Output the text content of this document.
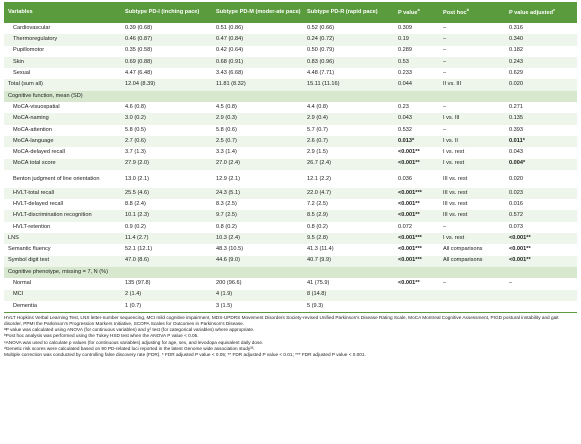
Variables	Subtype PD-I (inching pace)	Subtype PD-M (moder-ate pace)	Subtype PD-R (rapid pace)	P value$^a$	Post hoc$^b$	P value adjusted$^c$
Cardiovascular	0.39 (0.68)	0.51 (0.86)	0.52 (0.66)	0.309	–	0.316
Thermoregulatory	0.46 (0.87)	0.47 (0.84)	0.24 (0.72)	0.19	–	0.340
Pupillomotor	0.35 (0.58)	0.42 (0.64)	0.50 (0.79)	0.289	–	0.182
Skin	0.69 (0.88)	0.68 (0.91)	0.83 (0.96)	0.53	–	0.243
Sexual	4.47 (6.48)	3.43 (6.68)	4.48 (7.71)	0.233	–	0.629
Total (sum all)	12.04 (8.39)	11.81 (8.32)	15.11 (11.16)	0.044	II vs. III	0.020
Cognitive function, mean (SD)						
MoCA-visuospatial	4.6 (0.8)	4.5 (0.8)	4.4 (0.8)	0.23	–	0.271
MoCA-naming	3.0 (0.2)	2.9 (0.3)	2.9 (0.4)	0.043	I vs. III	0.135
MoCA-attention	5.8 (0.5)	5.8 (0.6)	5.7 (0.7)	0.532	–	0.393
MoCA-language	2.7 (0.6)	2.5 (0.7)	2.6 (0.7)	0.013*	I vs. II	0.011*
MoCA-delayed recall	3.7 (1.3)	3.3 (1.4)	2.9 (1.5)	<0.001**	I vs. rest	0.043
MoCA total score	27.9 (2.0)	27.0 (2.4)	26.7 (2.4)	<0.001**	I vs. rest	0.004*
Benton judgment of line orientation	13.0 (2.1)	12.9 (2.1)	12.1 (2.2)	0.036	III vs. rest	0.020
HVLT-total recall	25.5 (4.6)	24.3 (5.1)	22.0 (4.7)	<0.001***	III vs. rest	0.023
HVLT-delayed recall	8.8 (2.4)	8.3 (2.5)	7.2 (2.5)	<0.001**	III vs. rest	0.016
HVLT-discrimination recognition	10.1 (2.3)	9.7 (2.5)	8.5 (2.9)	<0.001**	III vs. rest	0.572
HVLT-retention	0.9 (0.2)	0.8 (0.2)	0.8 (0.2)	0.072	–	0.073
LNS	11.4 (2.7)	10.3 (2.4)	9.5 (2.8)	<0.001***	I vs. rest	<0.001**
Semantic fluency	52.1 (12.1)	48.3 (10.5)	41.3 (11.4)	<0.001***	All comparisons	<0.001**
Symbol digit test	47.0 (8.6)	44.6 (9.0)	40.7 (9.9)	<0.001***	All comparisons	<0.001**
Cognitive phenotype, missing = 7, N (%)						
Normal	135 (97.8)	200 (96.6)	41 (75.9)	<0.001**	–	–
MCI	2 (1.4)	4 (1.9)	8 (14.8)			
Dementia	1 (0.7)	3 (1.5)	5 (9.3)			

HVLT Hopkins Verbal Learning Test, LNS letter-number sequencing, MCI mild cognitive impairment, MDS-UPDRS Movement Disorders Society-revised Unified Parkinson's Disease Rating Scale, MoCA Montreal Cognitive Assessment, PIGD postural instability and gait disorder, PPMI the Parkinson's Progression Markers Initiative, SCOPA Scales for Outcomes in Parkinson's Disease.

ᵃP value was calculated using ANOVA (for continuous variables) and χ² test (for categorical variables) where appropriate.

ᵇPost hoc analysis was performed using the Tukey HSD test when the ANOVA P value < 0.05.

ᶜANOVA was used to calculate p values (for continuous variables) adjusting for age, sex, and levodopa equivalent daily dose.

ᵈGenetic risk scores were calculated based on 90 PD-related loci reported in the latest Genome wide association study³³.

Multiple correction was conducted by controlling false discovery rate (FDR). * FDR adjusted P value < 0.05; ** FDR adjusted P value < 0.01; *** FDR adjusted P value < 0.001.
